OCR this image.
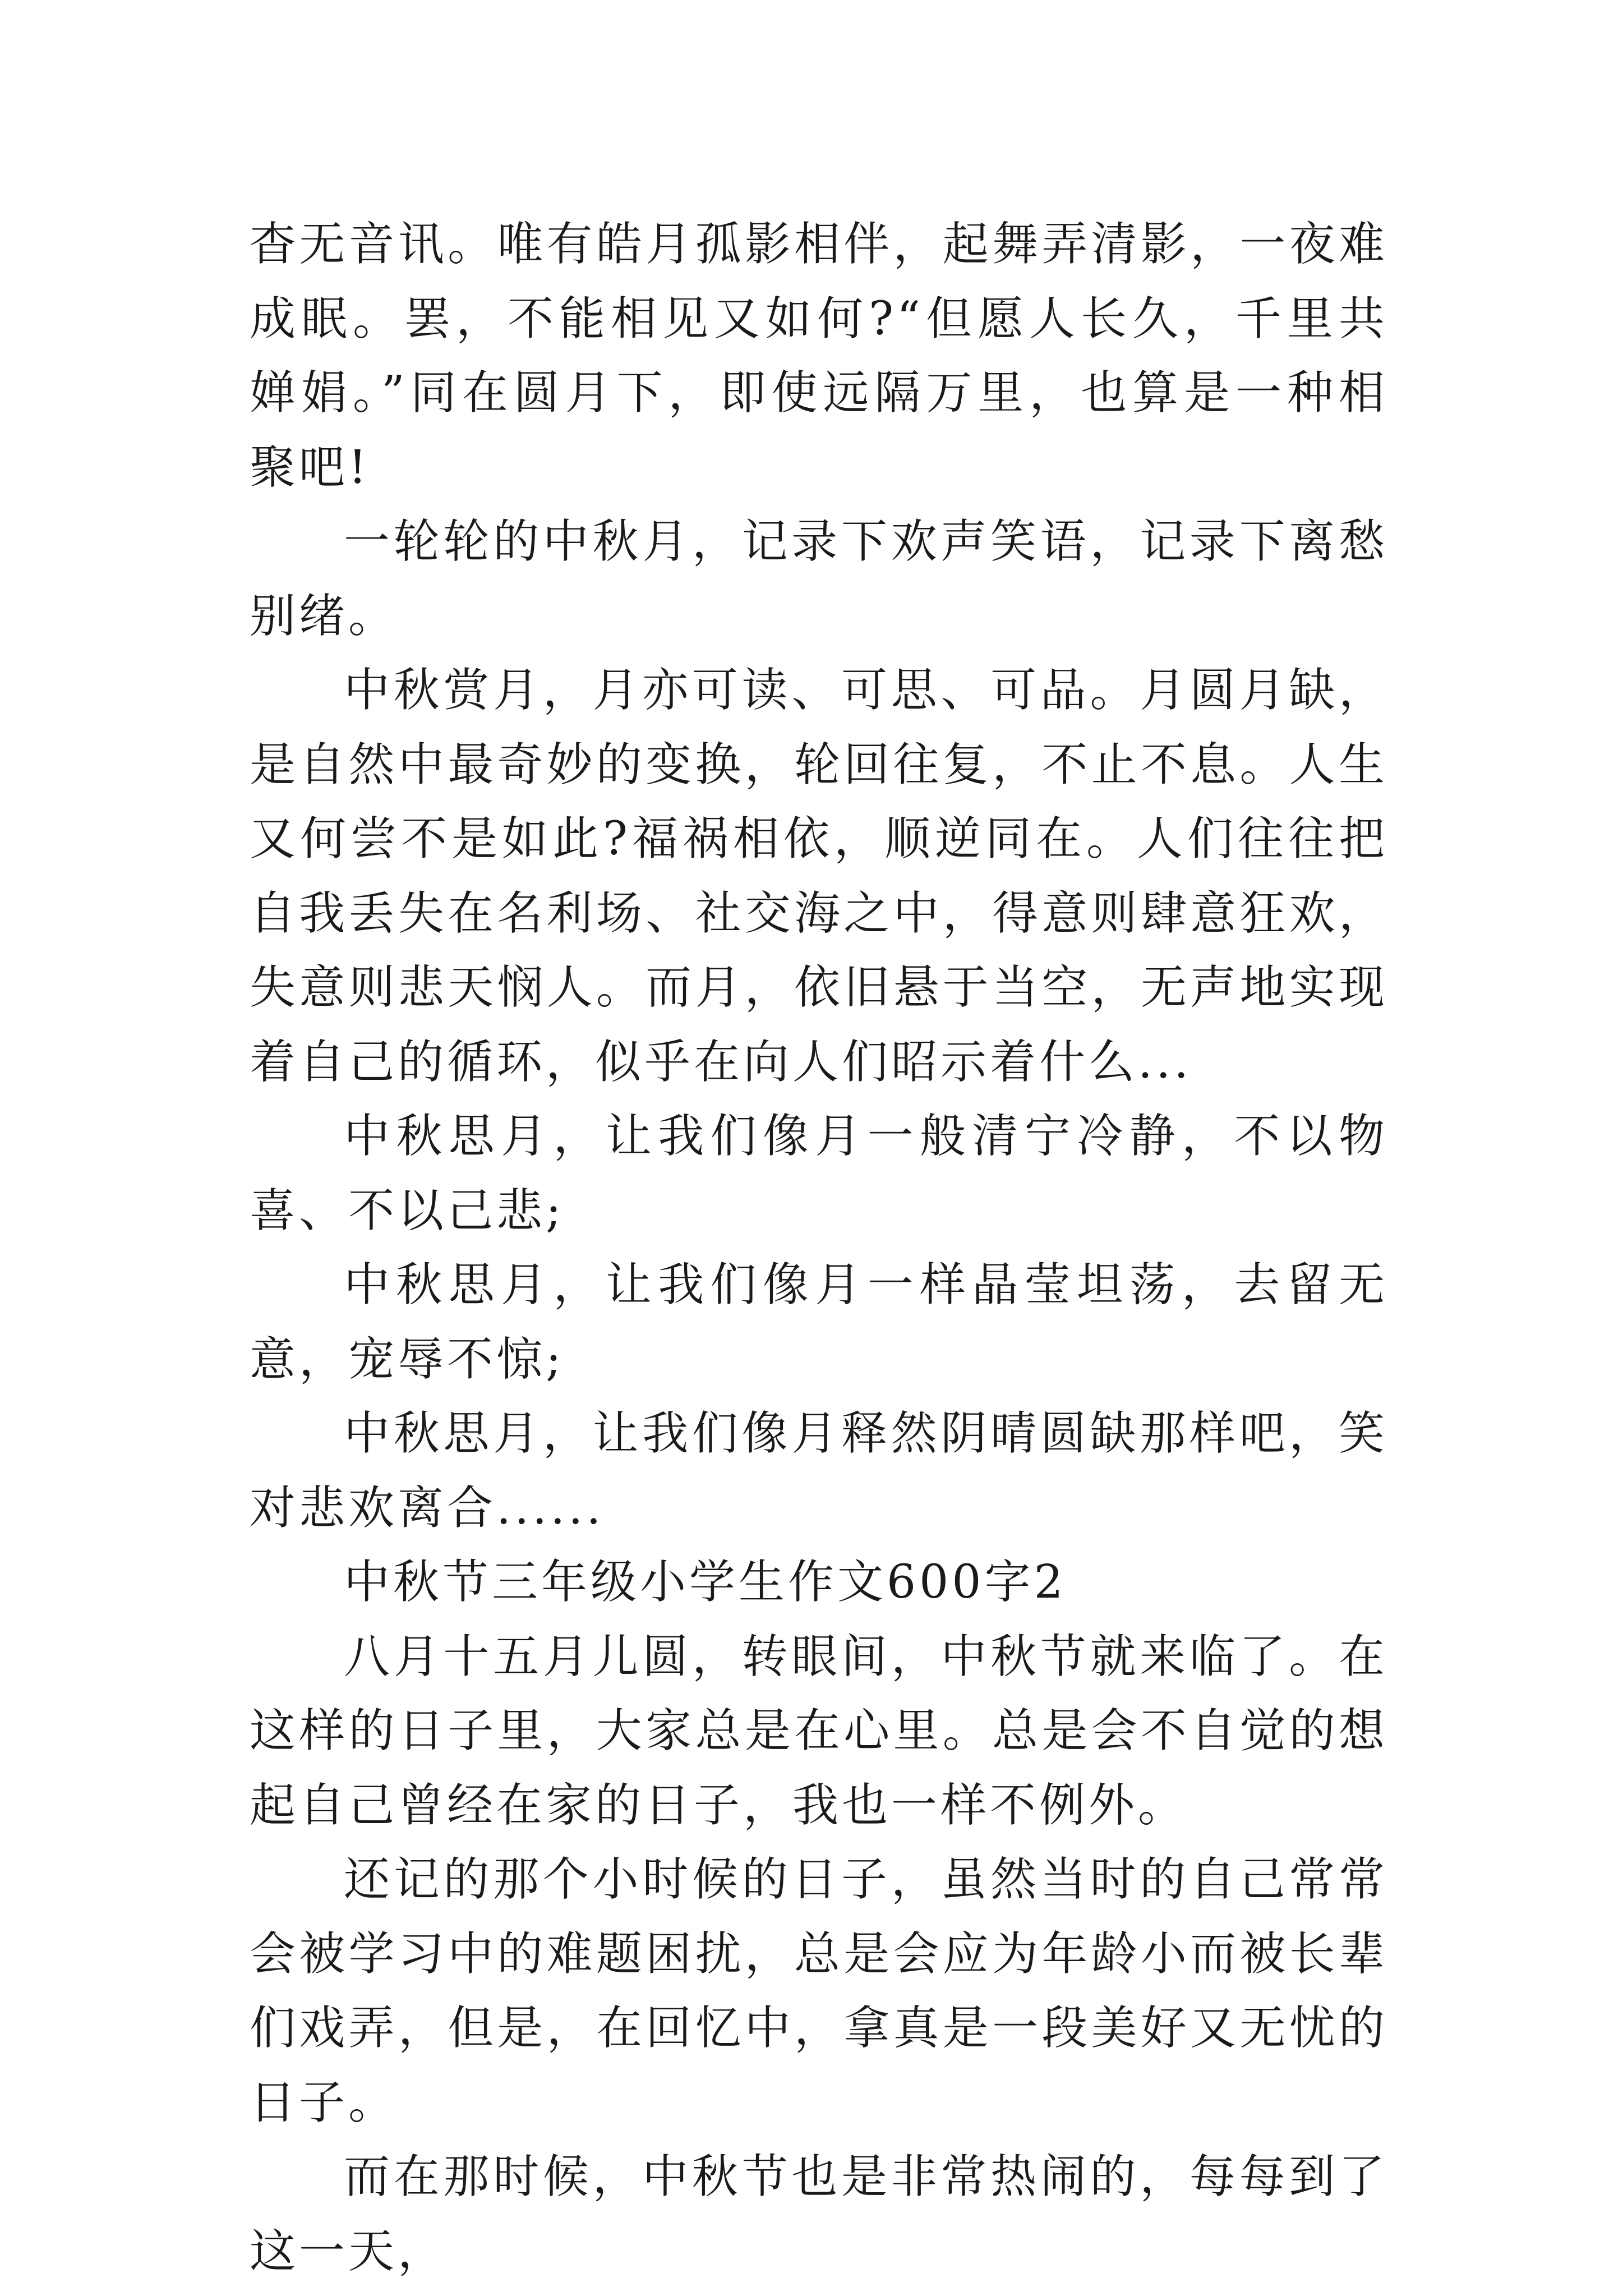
杳无音讯。唯有皓月孤影相伴，起舞弄清影，一夜难成眠。罢，不能相见又如何?“但愿人长久，千里共婵娟。”同在圆月下，即使远隔万里，也算是一种相聚吧!

一轮轮的中秋月，记录下欢声笑语，记录下离愁别绪。

中秋赏月，月亦可读、可思、可品。月圆月缺，是自然中最奇妙的变换，轮回往复，不止不息。人生又何尝不是如此?福祸相依，顺逆同在。人们往往把自我丢失在名利场、社交海之中，得意则肆意狂欢，失意则悲天悯人。而月，依旧悬于当空，无声地实现着自己的循环，似乎在向人们昭示着什么...

中秋思月，让我们像月一般清宁冷静，不以物喜、不以己悲;

中秋思月，让我们像月一样晶莹坦荡，去留无意，宠辱不惊;

中秋思月，让我们像月释然阴晴圆缺那样吧，笑对悲欢离合......

中秋节三年级小学生作文600字2

八月十五月儿圆，转眼间，中秋节就来临了。在这样的日子里，大家总是在心里。总是会不自觉的想起自己曾经在家的日子，我也一样不例外。

还记的那个小时候的日子，虽然当时的自己常常会被学习中的难题困扰，总是会应为年龄小而被长辈们戏弄，但是，在回忆中，拿真是一段美好又无忧的日子。

而在那时候，中秋节也是非常热闹的，每每到了这一天，
